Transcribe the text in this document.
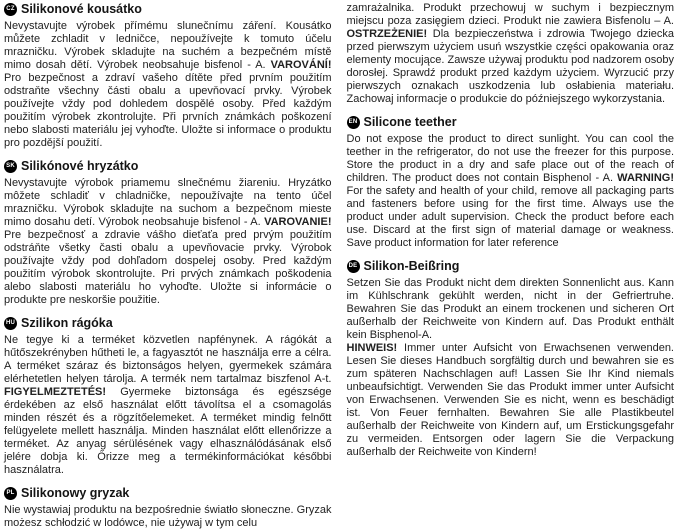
CZ Silikonové kousátko

Nevystavujte výrobek přímému slunečnímu záření. Kousátko můžete zchladit v ledničce, nepoužívejte k tomuto účelu mrazničku. Výrobek skladujte na suchém a bezpečném místě mimo dosah dětí. Výrobek neobsahuje bisfenol - A. VAROVÁNÍ! Pro bezpečnost a zdraví vašeho dítěte před prvním použitím odstraňte všechny části obalu a upevňovací prvky. Výrobek používejte vždy pod dohledem dospělé osoby. Před každým použitím výrobek zkontrolujte. Při prvních známkách poškození nebo slabosti materiálu jej vyhoďte. Uložte si informace o produktu pro pozdější použití.

SK Silikónové hryzátko

Nevystavujte výrobok priamemu slnečnému žiareniu. Hryzátko môžete schladiť v chladničke, nepoužívajte na tento účel mrazničku. Výrobok skladujte na suchom a bezpečnom mieste mimo dosahu detí. Výrobok neobsahuje bisfenol - A. VAROVANIE! Pre bezpečnosť a zdravie vášho dieťaťa pred prvým použitím odstráňte všetky časti obalu a upevňovacie prvky. Výrobok používajte vždy pod dohľadom dospelej osoby. Pred každým použitím výrobok skontrolujte. Pri prvých známkach poškodenia alebo slabosti materiálu ho vyhoďte. Uložte si informácie o produkte pre neskoršie použitie.

HU Szilikon rágóka

Ne tegye ki a terméket közvetlen napfénynek. A rágókát a hűtőszekrényben hűtheti le, a fagyasztót ne használja erre a célra. A terméket száraz és biztonságos helyen, gyermekek számára elérhetetlen helyen tárolja. A termék nem tartalmaz biszfenol A-t. FIGYELMEZTETÉS! Gyermeke biztonsága és egészsége érdekében az első használat előtt távolítsa el a csomagolás minden részét és a rögzítőelemeket. A terméket mindig felnőtt felügyelete mellett használja. Minden használat előtt ellenőrizze a terméket. Az anyag sérülésének vagy elhasználódásának első jelére dobja ki. Őrizze meg a termékinformációkat későbbi használatra.

PL Silikonowy gryzak

Nie wystawiaj produktu na bezpośrednie światło słoneczne. Gryzak możesz schłodzić w lodówce, nie używaj w tym celu

zamrażalnika. Produkt przechowuj w suchym i bezpiecznym miejscu poza zasięgiem dzieci. Produkt nie zawiera Bisfenolu – A. OSTRZEŻENIE! Dla bezpieczeństwa i zdrowia Twojego dziecka przed pierwszym użyciem usuń wszystkie części opakowania oraz elementy mocujące. Zawsze używaj produktu pod nadzorem osoby dorosłej. Sprawdź produkt przed każdym użyciem. Wyrzucić przy pierwszych oznakach uszkodzenia lub osłabienia materiału. Zachowaj informacje o produkcie do późniejszego wykorzystania.

EN Silicone teether

Do not expose the product to direct sunlight. You can cool the teether in the refrigerator, do not use the freezer for this purpose. Store the product in a dry and safe place out of the reach of children. The product does not contain Bisphenol - A. WARNING! For the safety and health of your child, remove all packaging parts and fasteners before using for the first time. Always use the product under adult supervision. Check the product before each use. Discard at the first sign of material damage or weakness. Save product information for later reference

DE Silikon-Beißring

Setzen Sie das Produkt nicht dem direkten Sonnenlicht aus. Kann im Kühlschrank gekühlt werden, nicht in der Gefriertruhe. Bewahren Sie das Produkt an einem trockenen und sicheren Ort außerhalb der Reichweite von Kindern auf. Das Produkt enthält kein Bisphenol-A.

HINWEIS! Immer unter Aufsicht von Erwachsenen verwenden. Lesen Sie dieses Handbuch sorgfältig durch und bewahren sie es zum späteren Nachschlagen auf! Lassen Sie Ihr Kind niemals unbeaufsichtigt. Verwenden Sie das Produkt immer unter Aufsicht von Erwachsenen. Verwenden Sie es nicht, wenn es beschädigt ist. Von Feuer fernhalten. Bewahren Sie alle Plastikbeutel außerhalb der Reichweite von Kindern auf, um Erstickungsgefahr zu vermeiden. Entsorgen oder lagern Sie die Verpackung außerhalb der Reichweite von Kindern!
